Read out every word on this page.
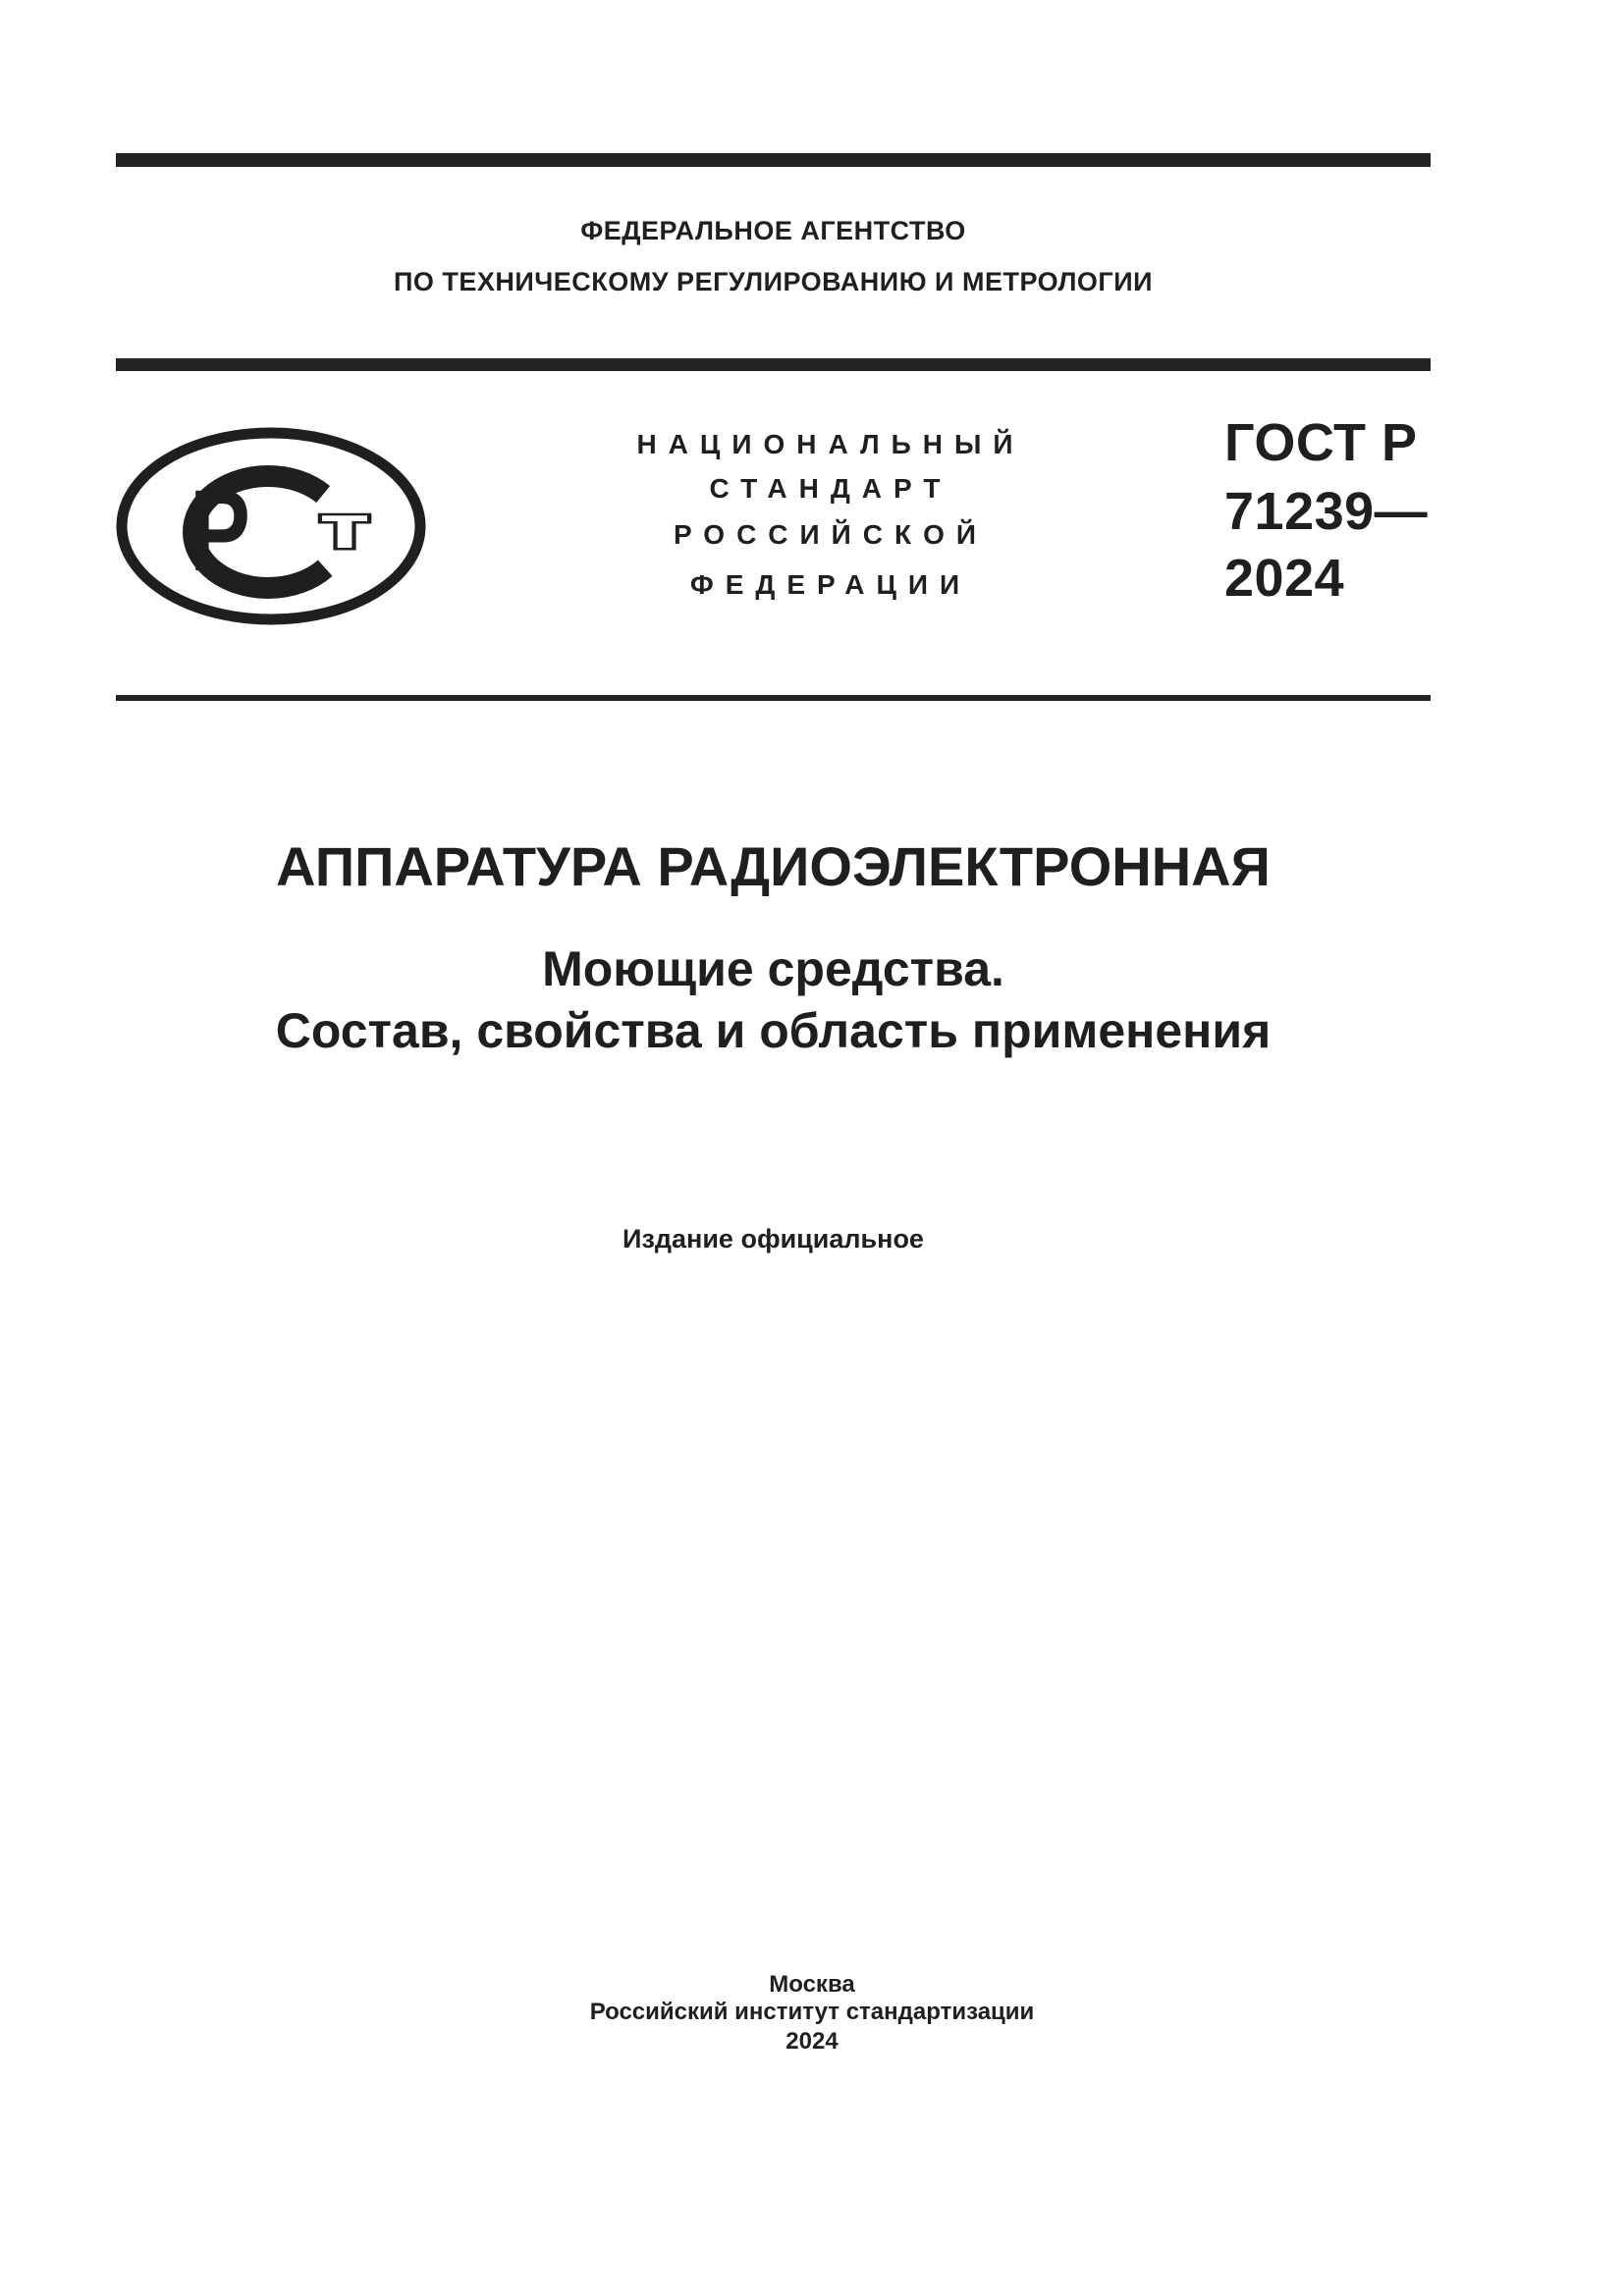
ФЕДЕРАЛЬНОЕ АГЕНТСТВО
ПО ТЕХНИЧЕСКОМУ РЕГУЛИРОВАНИЮ И МЕТРОЛОГИИ
Р т
НАЦИОНАЛЬНЫЙ
СТАНДАРТ
РОССИЙСКОЙ
ФЕДЕРАЦИИ
ГОСТ Р
71239—
2024
АППАРАТУРА РАДИОЭЛЕКТРОННАЯ
Моющие средства.
Состав, свойства и область применения
Издание официальное
Москва
Российский институт стандартизации
2024
